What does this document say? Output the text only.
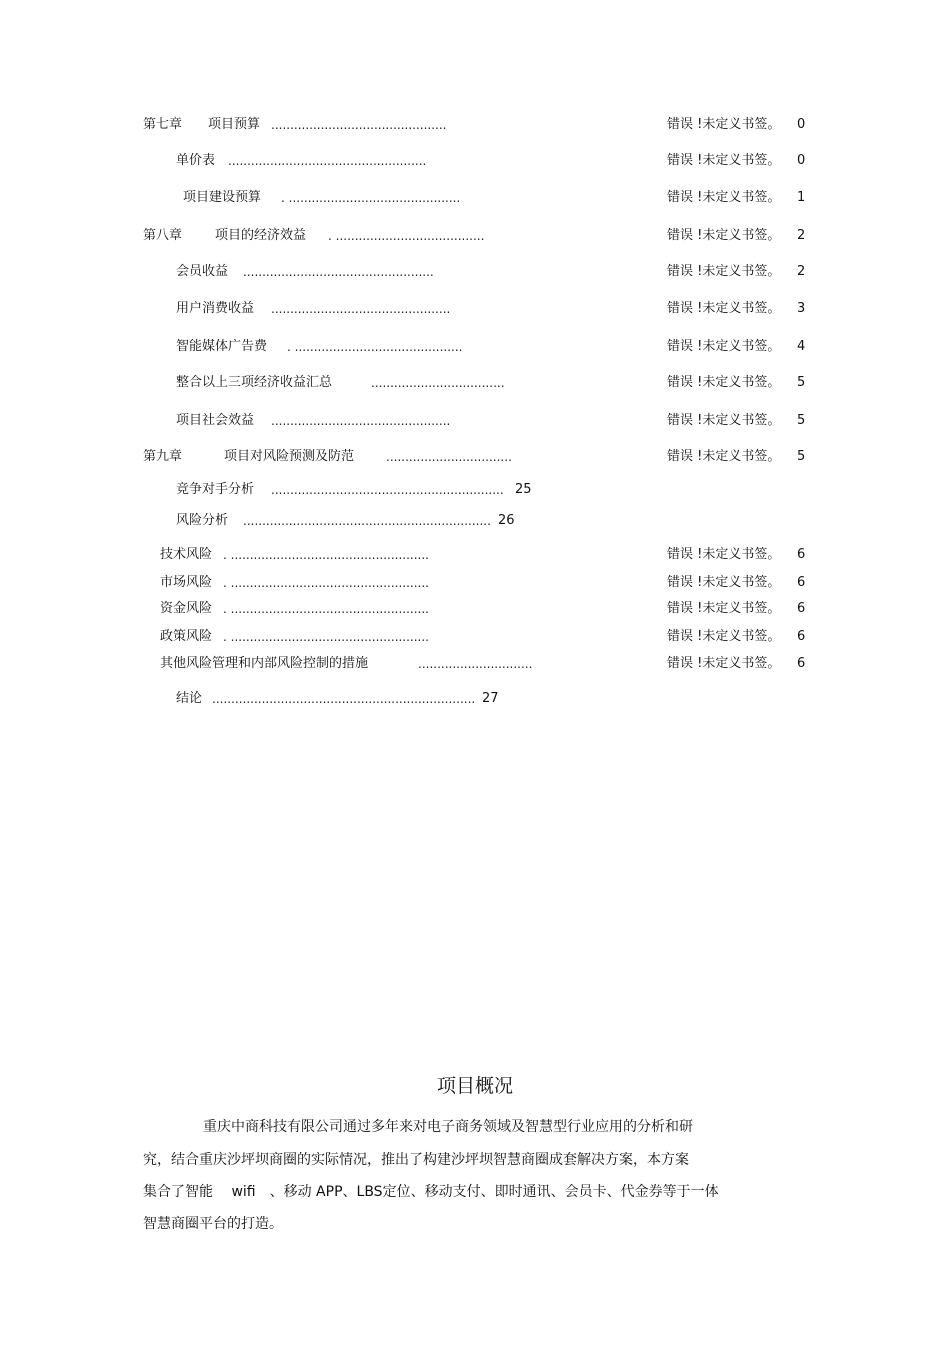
第七章 项目预算 ..............................................	错误 !未定义书签。 0
单价表 ....................................................	错误 !未定义书签。 0
项目建设预算 . .............................................	错误 !未定义书签。 1
第八章	项目的经济效益 . .......................................	错误 !未定义书签。 2
会员收益 ..................................................	错误 !未定义书签。 2
用户消费收益 ...............................................	错误 !未定义书签。 3
智能媒体广告费 . ............................................	错误 !未定义书签。 4
整合以上三项经济收益汇总	...................................	错误 !未定义书签。 5
项目社会效益 ...............................................	错误 !未定义书签。 5
第九章	项目对风险预测及防范	.................................	错误 !未定义书签。 5
竞争对手分析 ............................................................. 25
风险分析 ................................................................. 26
技术风险 . ....................................................	错误 !未定义书签。 6
市场风险 . ....................................................	错误 !未定义书签。 6
资金风险 . ....................................................	错误 !未定义书签。 6
政策风险 . ....................................................	错误 !未定义书签。 6
其他风险管理和内部风险控制的措施	..............................	错误 !未定义书签。 6
结论 ..................................................................... 27
项目概况
重庆中商科技有限公司通过多年来对电子商务领域及智慧型行业应用的分析和研
究，结合重庆沙坪坝商圈的实际情况，推出了构建沙坪坝智慧商圈成套解决方案，本方案
集合了智能　 wifi　、移动 APP、LBS定位、移动支付、即时通讯、会员卡、代金券等于一体
智慧商圈平台的打造。
